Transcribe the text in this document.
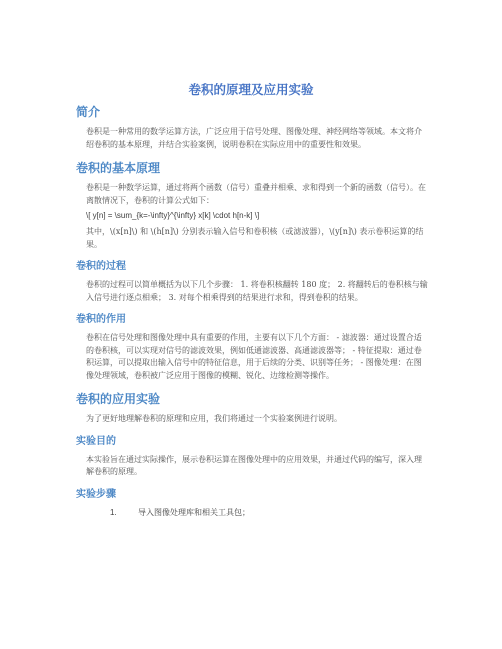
卷积的原理及应用实验
简介

卷积是一种常用的数学运算方法，广泛应用于信号处理、图像处理、神经网络等领域。本文将介绍卷积的基本原理，并结合实验案例，说明卷积在实际应用中的重要性和效果。

卷积的基本原理

卷积是一种数学运算，通过将两个函数（信号）重叠并相乘、求和得到一个新的函数（信号）。在离散情况下，卷积的计算公式如下：

\[ y[n] = \sum_{k=-\infty}^{\infty} x[k] \cdot h[n-k] \]

其中，\(x[n]\) 和 \(h[n]\) 分别表示输入信号和卷积核（或滤波器），\(y[n]\) 表示卷积运算的结果。

卷积的过程

卷积的过程可以简单概括为以下几个步骤： 1. 将卷积核翻转 180 度； 2. 将翻转后的卷积核与输入信号进行逐点相乘； 3. 对每个相乘得到的结果进行求和，得到卷积的结果。

卷积的作用

卷积在信号处理和图像处理中具有重要的作用，主要有以下几个方面： - 滤波器：通过设置合适的卷积核，可以实现对信号的滤波效果，例如低通滤波器、高通滤波器等； - 特征提取：通过卷积运算，可以提取出输入信号中的特征信息，用于后续的分类、识别等任务； - 图像处理：在图像处理领域，卷积被广泛应用于图像的模糊、锐化、边缘检测等操作。

卷积的应用实验

为了更好地理解卷积的原理和应用，我们将通过一个实验案例进行说明。

实验目的

本实验旨在通过实际操作，展示卷积运算在图像处理中的应用效果，并通过代码的编写，深入理解卷积的原理。

实验步骤
1.	导入图像处理库和相关工具包；
